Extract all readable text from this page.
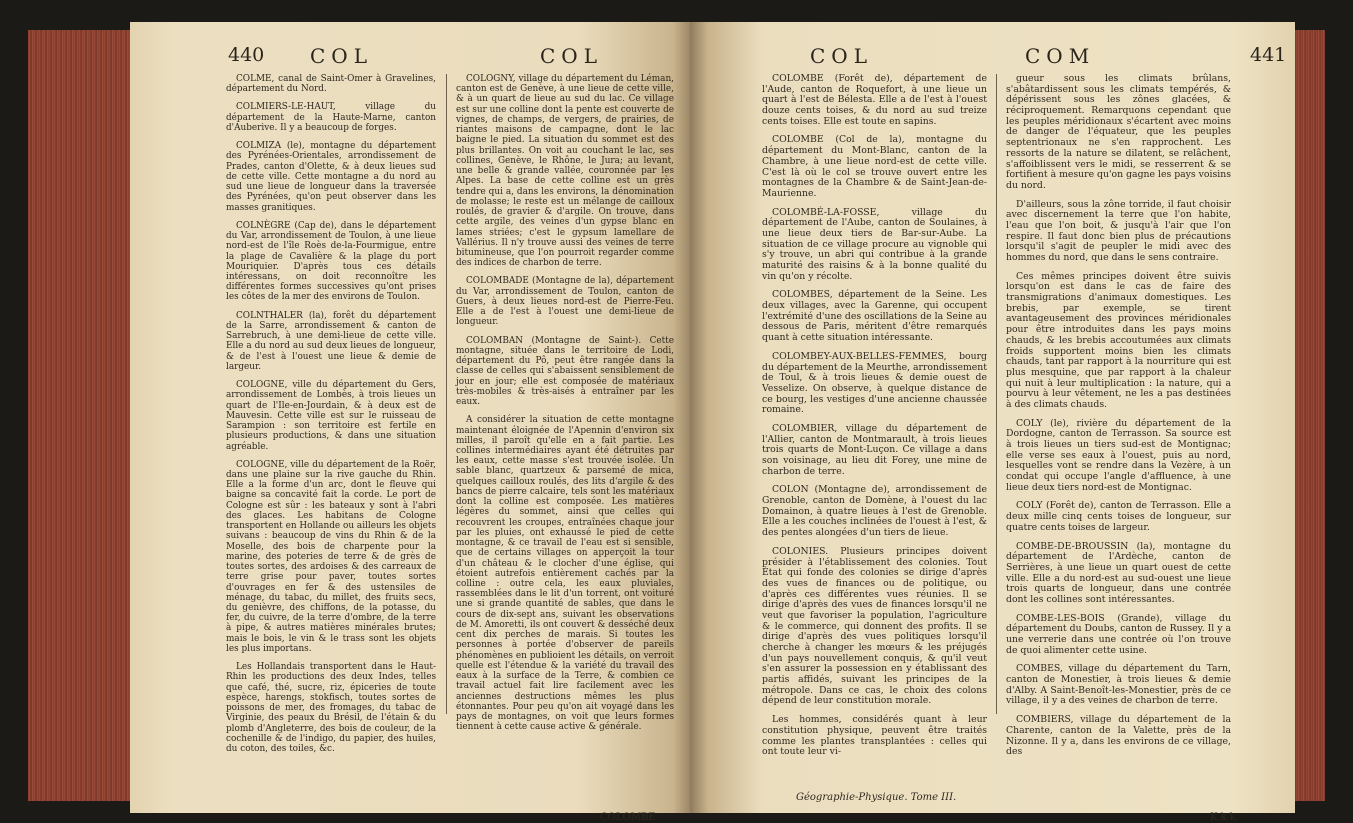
440 COL	COL

COLME, canal de Saint-Omer à Gravelines, département du Nord.

COLMIERS-LE-HAUT, village du département de la Haute-Marne, canton d'Auberive. Il y a beaucoup de forges.

COLMIZA (le), montagne du département des Pyrénées-Orientales, arrondissement de Prades, canton d'Olette, & à deux lieues sud de cette ville. Cette montagne a du nord au sud une lieue de longueur dans la traversée des Pyrénées, qu'on peut observer dans les masses granitiques.

COLNÈGRE (Cap de), dans le département du Var, arrondissement de Toulon, à une lieue nord-est de l'île Roès de-la-Fourmigue, entre la plage de Cavalière & la plage du port Mouriquier. D'après tous ces détails intéressans, on doit reconnoître les différentes formes successives qu'ont prises les côtes de la mer des environs de Toulon.

COLNTHALER (la), forêt du département de la Sarre, arrondissement & canton de Sarrebruch, à une demi-lieue de cette ville. Elle a du nord au sud deux lieues de longueur, & de l'est à l'ouest une lieue & demie de largeur.

COLOGNE, ville du département du Gers, arrondissement de Lombès, à trois lieues un quart de l'Ile-en-Jourdain, & à deux est de Mauvesin. Cette ville est sur le ruisseau de Sarampion : son territoire est fertile en plusieurs productions, & dans une situation agréable.

COLOGNE, ville du département de la Roër, dans une plaine sur la rive gauche du Rhin. Elle a la forme d'un arc, dont le fleuve qui baigne sa concavité fait la corde. Le port de Cologne est sûr : les bateaux y sont à l'abri des glaces. Les habitans de Cologne transportent en Hollande ou ailleurs les objets suivans : beaucoup de vins du Rhin & de la Moselle, des bois de charpente pour la marine, des poteries de terre & de grès de toutes sortes, des ardoises & des carreaux de terre grise pour paver, toutes sortes d'ouvrages en fer & des ustensiles de ménage, du tabac, du millet, des fruits secs, du genièvre, des chiffons, de la potasse, du fer, du cuivre, de la terre d'ombre, de la terre à pipe, & autres matières minérales brutes; mais le bois, le vin & le trass sont les objets les plus importans.

Les Hollandais transportent dans le Haut-Rhin les productions des deux Indes, telles que café, thé, sucre, riz, épiceries de toute espèce, harengs, stokfisch, toutes sortes de poissons de mer, des fromages, du tabac de Virginie, des peaux du Brésil, de l'étain & du plomb d'Angleterre, des bois de couleur, de la cochenille & de l'indigo, du papier, des huiles, du coton, des toiles, &c.

COLOGNY, village du département du Léman, canton est de Genève, à une lieue de cette ville, & à un quart de lieue au sud du lac. Ce village est sur une colline dont la pente est couverte de vignes, de champs, de vergers, de prairies, de riantes maisons de campagne, dont le lac baigne le pied. La situation du sommet est des plus brillantes. On voit au couchant le lac, ses collines, Genève, le Rhône, le Jura; au levant, une belle & grande vallée, couronnée par les Alpes. La base de cette colline est un grès tendre qui a, dans les environs, la dénomination de molasse; le reste est un mélange de cailloux roulés, de gravier & d'argile. On trouve, dans cette argile, des veines d'un gypse blanc en lames striées; c'est le gypsum lamellare de Vallérius. Il n'y trouve aussi des veines de terre bitumineuse, que l'on pourroit regarder comme des indices de charbon de terre.

COLOMBADE (Montagne de la), département du Var, arrondissement de Toulon, canton de Guers, à deux lieues nord-est de Pierre-Feu. Elle a de l'est à l'ouest une demi-lieue de longueur.

COLOMBAN (Montagne de Saint-). Cette montagne, située dans le territoire de Lodi, département du Pô, peut être rangée dans la classe de celles qui s'abaissent sensiblement de jour en jour; elle est composée de matériaux très-mobiles & très-aisés à entraîner par les eaux.

A considérer la situation de cette montagne maintenant éloignée de l'Apennin d'environ six milles, il paroît qu'elle en a fait partie. Les collines intermédiaires ayant été détruites par les eaux, cette masse s'est trouvée isolée. Un sable blanc, quartzeux & parsemé de mica, quelques cailloux roulés, des lits d'argile & des bancs de pierre calcaire, tels sont les matériaux dont la colline est composée. Les matières légères du sommet, ainsi que celles qui recouvrent les croupes, entraînées chaque jour par les pluies, ont exhaussé le pied de cette montagne, & ce travail de l'eau est si sensible, que de certains villages on apperçoit la tour d'un château & le clocher d'une église, qui étoient autrefois entièrement cachés par la colline : outre cela, les eaux pluviales, rassemblées dans le lit d'un torrent, ont voituré une si grande quantité de sables, que dans le cours de dix-sept ans, suivant les observations de M. Amoretti, ils ont couvert & desséché deux cent dix perches de marais. Si toutes les personnes à portée d'observer de pareils phénomènes en publioient les détails, on verroit quelle est l'étendue & la variété du travail des eaux à la surface de la Terre, & combien ce travail actuel fait lire facilement avec les anciennes destructions mêmes les plus étonnantes. Pour peu qu'on ait voyagé dans les pays de montagnes, on voit que leurs formes tiennent à cette cause active & générale.

COLOMBE
COL	COM	441

COLOMBE (Forêt de), département de l'Aude, canton de Roquefort, à une lieue un quart à l'est de Bélesta. Elle a de l'est à l'ouest douze cents toises, & du nord au sud treize cents toises. Elle est toute en sapins.

COLOMBE (Col de la), montagne du département du Mont-Blanc, canton de la Chambre, à une lieue nord-est de cette ville. C'est là où le col se trouve ouvert entre les montagnes de la Chambre & de Saint-Jean-de-Maurienne.

COLOMBÉ-LA-FOSSE, village du département de l'Aube, canton de Soulaines, à une lieue deux tiers de Bar-sur-Aube. La situation de ce village procure au vignoble qui s'y trouve, un abri qui contribue à la grande maturité des raisins & à la bonne qualité du vin qu'on y récolte.

COLOMBES, département de la Seine. Les deux villages, avec la Garenne, qui occupent l'extrémité d'une des oscillations de la Seine au dessous de Paris, méritent d'être remarqués quant à cette situation intéressante.

COLOMBEY-AUX-BELLES-FEMMES, bourg du département de la Meurthe, arrondissement de Toul, & à trois lieues & demie ouest de Vesselize. On observe, à quelque distance de ce bourg, les vestiges d'une ancienne chaussée romaine.

COLOMBIER, village du département de l'Allier, canton de Montmarault, à trois lieues trois quarts de Mont-Luçon. Ce village a dans son voisinage, au lieu dit Forey, une mine de charbon de terre.

COLON (Montagne de), arrondissement de Grenoble, canton de Domène, à l'ouest du lac Domainon, à quatre lieues à l'est de Grenoble. Elle a les couches inclinées de l'ouest à l'est, & des pentes alongées d'un tiers de lieue.

COLONIES. Plusieurs principes doivent présider à l'établissement des colonies. Tout État qui fonde des colonies se dirige d'après des vues de finances ou de politique, ou d'après ces différentes vues réunies. Il se dirige d'après des vues de finances lorsqu'il ne veut que favoriser la population, l'agriculture & le commerce, qui donnent des profits. Il se dirige d'après des vues politiques lorsqu'il cherche à changer les mœurs & les préjugés d'un pays nouvellement conquis, & qu'il veut s'en assurer la possession en y établissant des partis affidés, suivant les principes de la métropole. Dans ce cas, le choix des colons dépend de leur constitution morale.

Les hommes, considérés quant à leur constitution physique, peuvent être traités comme les plantes transplantées : celles qui ont toute leur vi-

gueur sous les climats brûlans, s'abâtardissent sous les climats tempérés, & dépérissent sous les zônes glacées, & réciproquement. Remarquons cependant que les peuples méridionaux s'écartent avec moins de danger de l'équateur, que les peuples septentrionaux ne s'en rapprochent. Les ressorts de la nature se dilatent, se relâchent, s'affoiblissent vers le midi, se resserrent & se fortifient à mesure qu'on gagne les pays voisins du nord.

D'ailleurs, sous la zône torride, il faut choisir avec discernement la terre que l'on habite, l'eau que l'on boit, & jusqu'à l'air que l'on respire. Il faut donc bien plus de précautions lorsqu'il s'agit de peupler le midi avec des hommes du nord, que dans le sens contraire.

Ces mêmes principes doivent être suivis lorsqu'on est dans le cas de faire des transmigrations d'animaux domestiques. Les brebis, par exemple, se tirent avantageusement des provinces méridionales pour être introduites dans les pays moins chauds, & les brebis accoutumées aux climats froids supportent moins bien les climats chauds, tant par rapport à la nourriture qui est plus mesquine, que par rapport à la chaleur qui nuit à leur multiplication : la nature, qui a pourvu à leur vêtement, ne les a pas destinées à des climats chauds.

COLY (le), rivière du département de la Dordogne, canton de Terrasson. Sa source est à trois lieues un tiers sud-est de Montignac; elle verse ses eaux à l'ouest, puis au nord, lesquelles vont se rendre dans la Vezère, à un condat qui occupe l'angle d'affluence, à une lieue deux tiers nord-est de Montignac.

COLY (Forêt de), canton de Terrasson. Elle a deux mille cinq cents toises de longueur, sur quatre cents toises de largeur.

COMBE-DE-BROUSSIN (la), montagne du département de l'Ardèche, canton de Serrières, à une lieue un quart ouest de cette ville. Elle a du nord-est au sud-ouest une lieue trois quarts de longueur, dans une contrée dont les collines sont intéressantes.

COMBE-LES-BOIS (Grande), village du département du Doubs, canton de Russey. Il y a une verrerie dans une contrée où l'on trouve de quoi alimenter cette usine.

COMBES, village du département du Tarn, canton de Monestier, à trois lieues & demie d'Alby. A Saint-Benoît-les-Monestier, près de ce village, il y a des veines de charbon de terre.

COMBIERS, village du département de la Charente, canton de la Valette, près de la Nizonne. Il y a, dans les environs de ce village, des

Géographie-Physique. Tome III.
K k k
